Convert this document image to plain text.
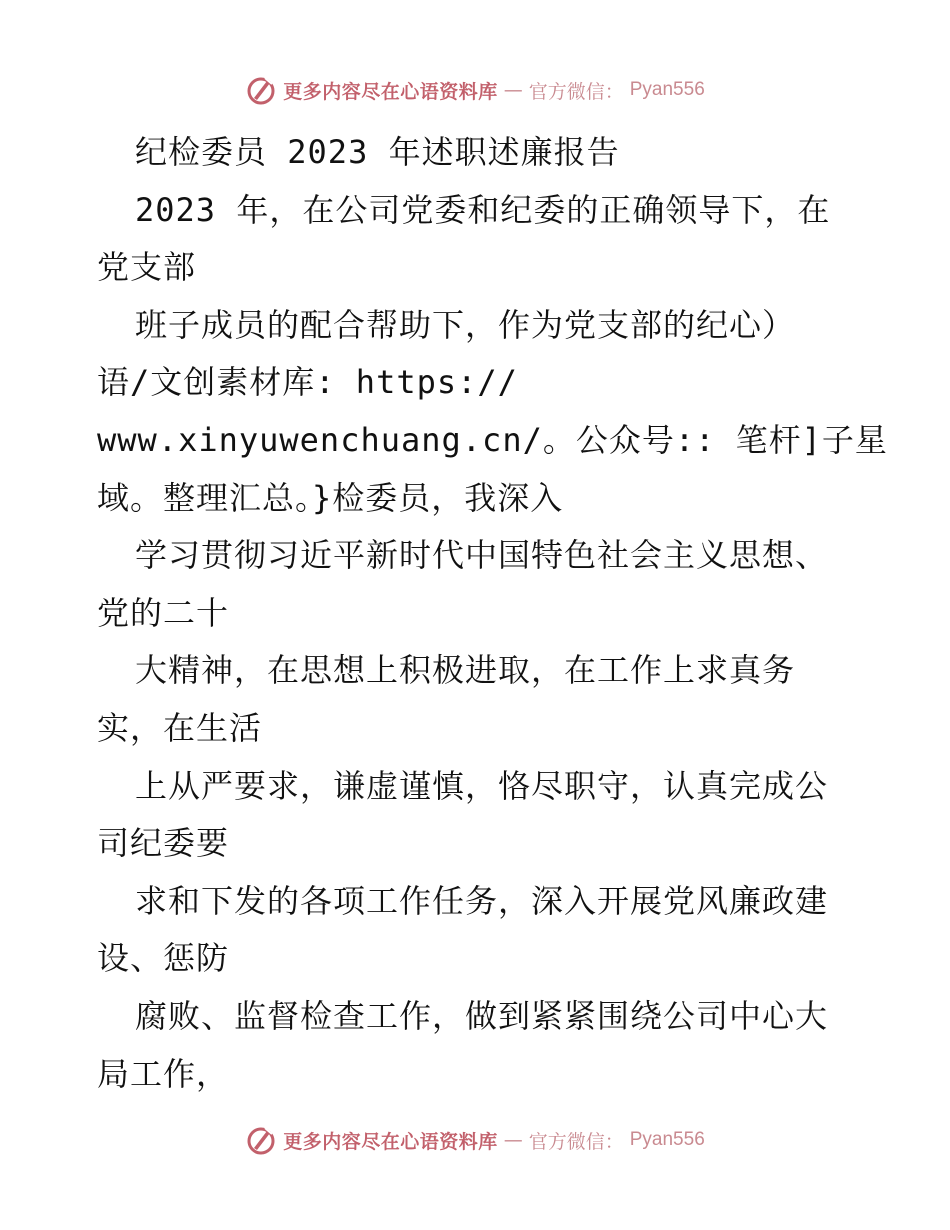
更多内容尽在心语资料库 — 官方微信： Pyan556
纪检委员 2023 年述职述廉报告
2023 年，在公司党委和纪委的正确领导下，在
党支部
班子成员的配合帮助下，作为党支部的纪心）
语/文创素材库: https://
www.xinyuwenchuang.cn/。公众号:: 笔杆]子星
域。整理汇总。}检委员，我深入
学习贯彻习近平新时代中国特色社会主义思想、
党的二十
大精神，在思想上积极进取，在工作上求真务
实，在生活
上从严要求，谦虚谨慎，恪尽职守，认真完成公
司纪委要
求和下发的各项工作任务，深入开展党风廉政建
设、惩防
腐败、监督检查工作，做到紧紧围绕公司中心大
局工作，
更多内容尽在心语资料库 — 官方微信： Pyan556
